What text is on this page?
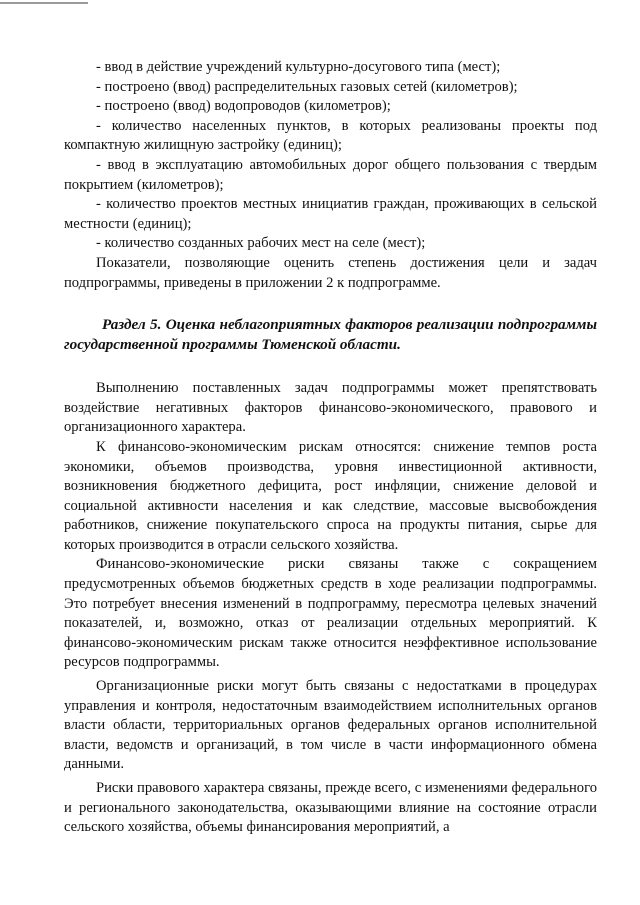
- ввод в действие учреждений культурно-досугового типа (мест);

- построено (ввод) распределительных газовых сетей (километров);

- построено (ввод) водопроводов (километров);

- количество населенных пунктов, в которых реализованы проекты под компактную жилищную застройку (единиц);

- ввод в эксплуатацию автомобильных дорог общего пользования с твердым покрытием (километров);

- количество проектов местных инициатив граждан, проживающих в сельской местности (единиц);

- количество созданных рабочих мест на селе (мест);

Показатели, позволяющие оценить степень достижения цели и задач подпрограммы, приведены в приложении 2 к подпрограмме.

Раздел 5. Оценка неблагоприятных факторов реализации подпрограммы государственной программы Тюменской области.

Выполнению поставленных задач подпрограммы может препятствовать воздействие негативных факторов финансово-экономического, правового и организационного характера.

К финансово-экономическим рискам относятся: снижение темпов роста экономики, объемов производства, уровня инвестиционной активности, возникновения бюджетного дефицита, рост инфляции, снижение деловой и социальной активности населения и как следствие, массовые высвобождения работников, снижение покупательского спроса на продукты питания, сырье для которых производится в отрасли сельского хозяйства.

Финансово-экономические риски связаны также с сокращением предусмотренных объемов бюджетных средств в ходе реализации подпрограммы. Это потребует внесения изменений в подпрограмму, пересмотра целевых значений показателей, и, возможно, отказ от реализации отдельных мероприятий. К финансово-экономическим рискам также относится неэффективное использование ресурсов подпрограммы.

Организационные риски могут быть связаны с недостатками в процедурах управления и контроля, недостаточным взаимодействием исполнительных органов власти области, территориальных органов федеральных органов исполнительной власти, ведомств и организаций, в том числе в части информационного обмена данными.

Риски правового характера связаны, прежде всего, с изменениями федерального и регионального законодательства, оказывающими влияние на состояние отрасли сельского хозяйства, объемы финансирования мероприятий, а
